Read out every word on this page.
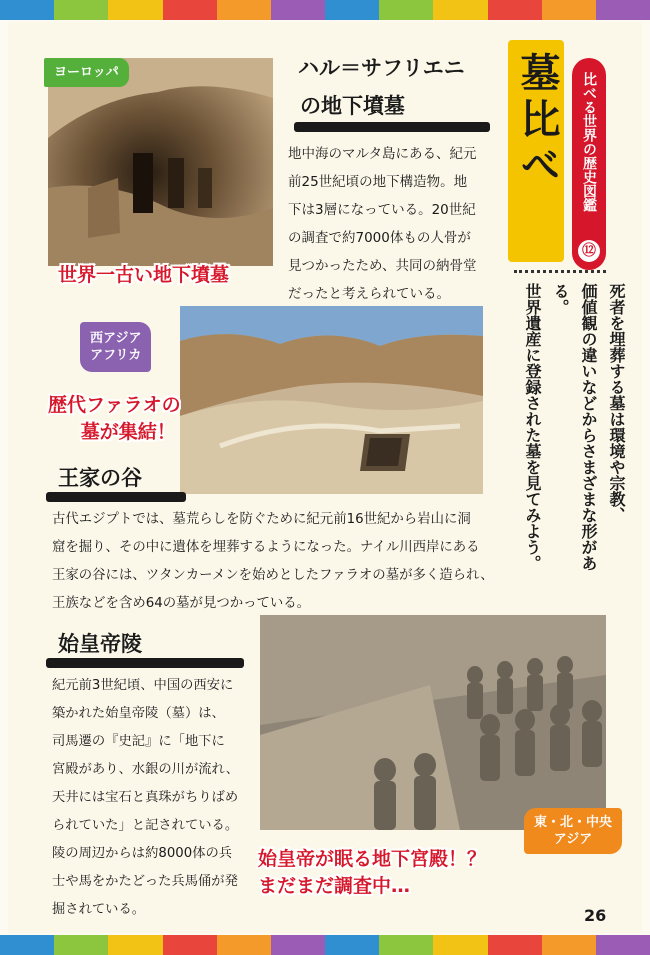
墓比べ 比べる世界の歴史図鑑
⑫
死者を埋葬する墓は環境や宗教、
価値観の違いなどからさまざまな形がある。
世界遺産に登録された墓を見てみよう。
ヨーロッパ
世界一古い地下墳墓
ハル＝サフリエニ
の地下墳墓
地中海のマルタ島にある、紀元
前25世紀頃の地下構造物。地
下は3層になっている。20世紀
の調査で約7000体もの人骨が
見つかったため、共同の納骨堂
だったと考えられている。
西アジア
アフリカ
歴代ファラオの
墓が集結！
王家の谷
古代エジプトでは、墓荒らしを防ぐために紀元前16世紀から岩山に洞
窟を掘り、その中に遺体を埋葬するようになった。ナイル川西岸にある
王家の谷には、ツタンカーメンを始めとしたファラオの墓が多く造られ、
王族などを含め64の墓が見つかっている。
始皇帝陵
紀元前3世紀頃、中国の西安に
築かれた始皇帝陵（墓）は、
司馬遷の『史記』に「地下に
宮殿があり、水銀の川が流れ、
天井には宝石と真珠がちりばめ
られていた」と記されている。
陵の周辺からは約8000体の兵
士や馬をかたどった兵馬俑が発
掘されている。
始皇帝が眠る地下宮殿！？
まだまだ調査中…
東・北・中央
アジア
26
